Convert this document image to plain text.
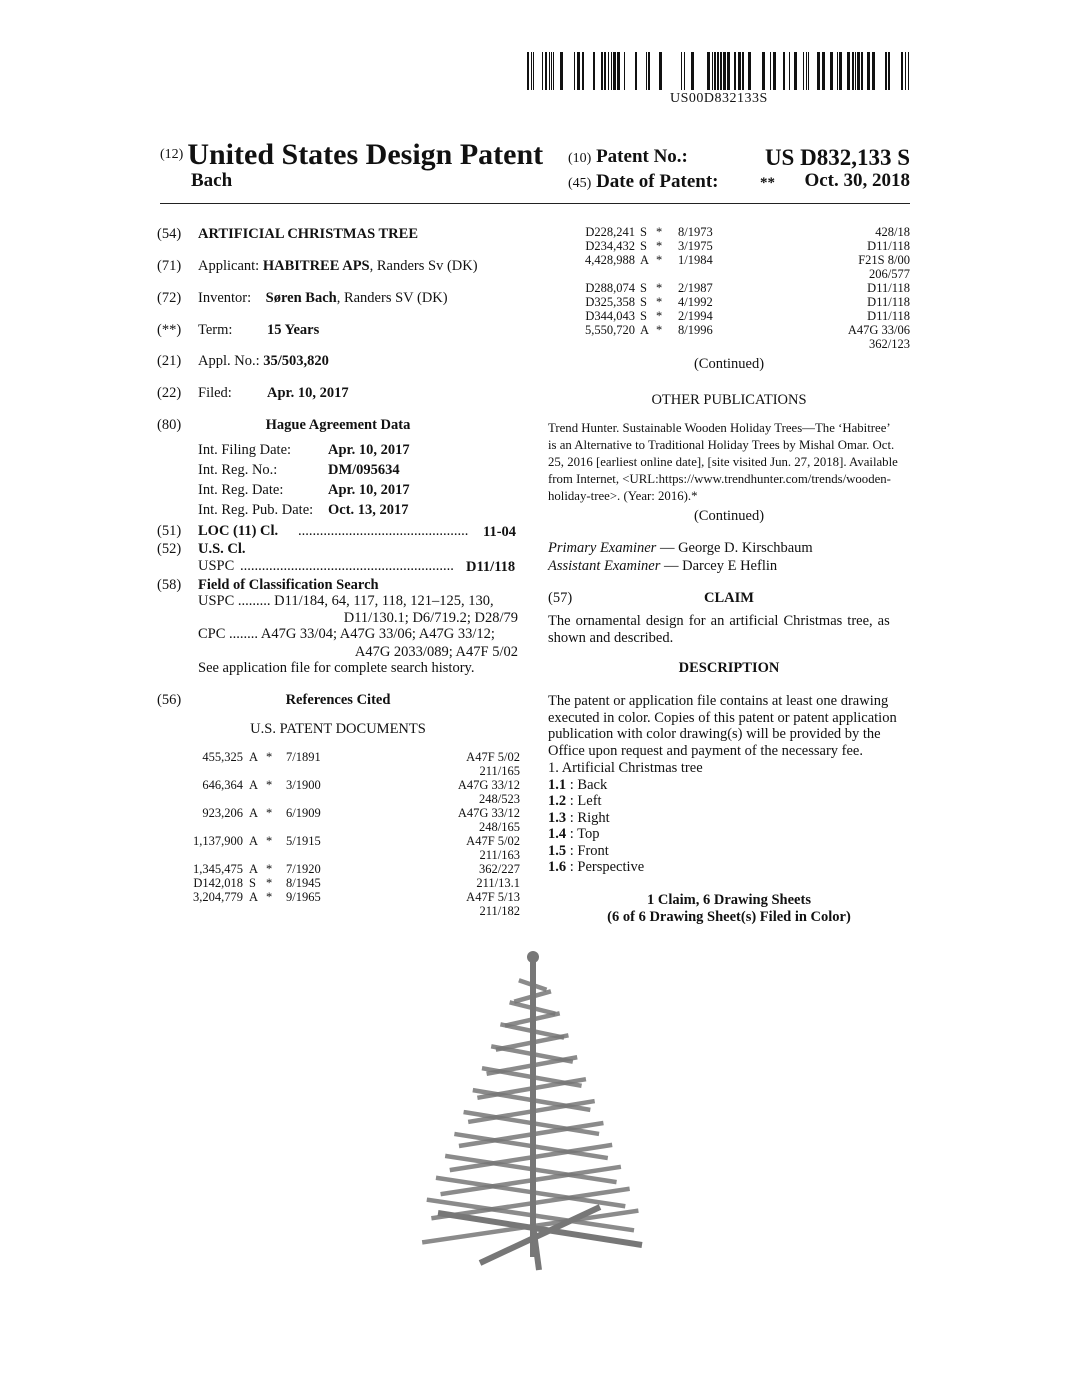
US00D832133S
(12) United States Design Patent
Bach
(10) Patent No.:	US D832,133 S
(45) Date of Patent:	** Oct. 30, 2018
(54) ARTIFICIAL CHRISTMAS TREE
(71) Applicant: HABITREE APS, Randers Sv (DK)
(72) Inventor: Søren Bach, Randers SV (DK)
(**) Term: 15 Years
(21) Appl. No.: 35/503,820
(22) Filed: Apr. 10, 2017
(80)	Hague Agreement Data
Int. Filing Date:	Apr. 10, 2017
Int. Reg. No.:	DM/095634
Int. Reg. Date:	Apr. 10, 2017
Int. Reg. Pub. Date: Oct. 13, 2017
(51) LOC (11) Cl. ...............................................	11-04
(52) U.S. Cl.
USPC ........................................................... D11/118
(58) Field of Classification Search
USPC ......... D11/184, 64, 117, 118, 121–125, 130,
D11/130.1; D6/719.2; D28/79
CPC ........ A47G 33/04; A47G 33/06; A47G 33/12;
A47G 2033/089; A47F 5/02
See application file for complete search history.
(56)	References Cited
U.S. PATENT DOCUMENTS
455,325 A * 7/1891	A47F 5/02
211/165
646,364 A * 3/1900	A47G 33/12
248/523
923,206 A * 6/1909	A47G 33/12
248/165
1,137,900 A * 5/1915	A47F 5/02
211/163
1,345,475 A * 7/1920	362/227
D142,018 S * 8/1945	211/13.1
3,204,779 A * 9/1965	A47F 5/13
211/182
D228,241 S * 8/1973	428/18
D234,432 S * 3/1975	D11/118
4,428,988 A * 1/1984	F21S 8/00
206/577
D288,074 S * 2/1987	D11/118
D325,358 S * 4/1992	D11/118
D344,043 S * 2/1994	D11/118
5,550,720 A * 8/1996	A47G 33/06
362/123
(Continued)
OTHER PUBLICATIONS
Trend Hunter. Sustainable Wooden Holiday Trees—The ‘Habitree’
is an Alternative to Traditional Holiday Trees by Mishal Omar. Oct.
25, 2016 [earliest online date], [site visited Jun. 27, 2018]. Available
from Internet, <URL:https://www.trendhunter.com/trends/wooden-
holiday-tree>. (Year: 2016).*
(Continued)
Primary Examiner — George D. Kirschbaum
Assistant Examiner — Darcey E Heflin
(57)	CLAIM
The ornamental design for an artificial Christmas tree, as
shown and described.
DESCRIPTION
The patent or application file contains at least one drawing
executed in color. Copies of this patent or patent application
publication with color drawing(s) will be provided by the
Office upon request and payment of the necessary fee.
1. Artificial Christmas tree
1.1 : Back
1.2 : Left
1.3 : Right
1.4 : Top
1.5 : Front
1.6 : Perspective
1 Claim, 6 Drawing Sheets
(6 of 6 Drawing Sheet(s) Filed in Color)
